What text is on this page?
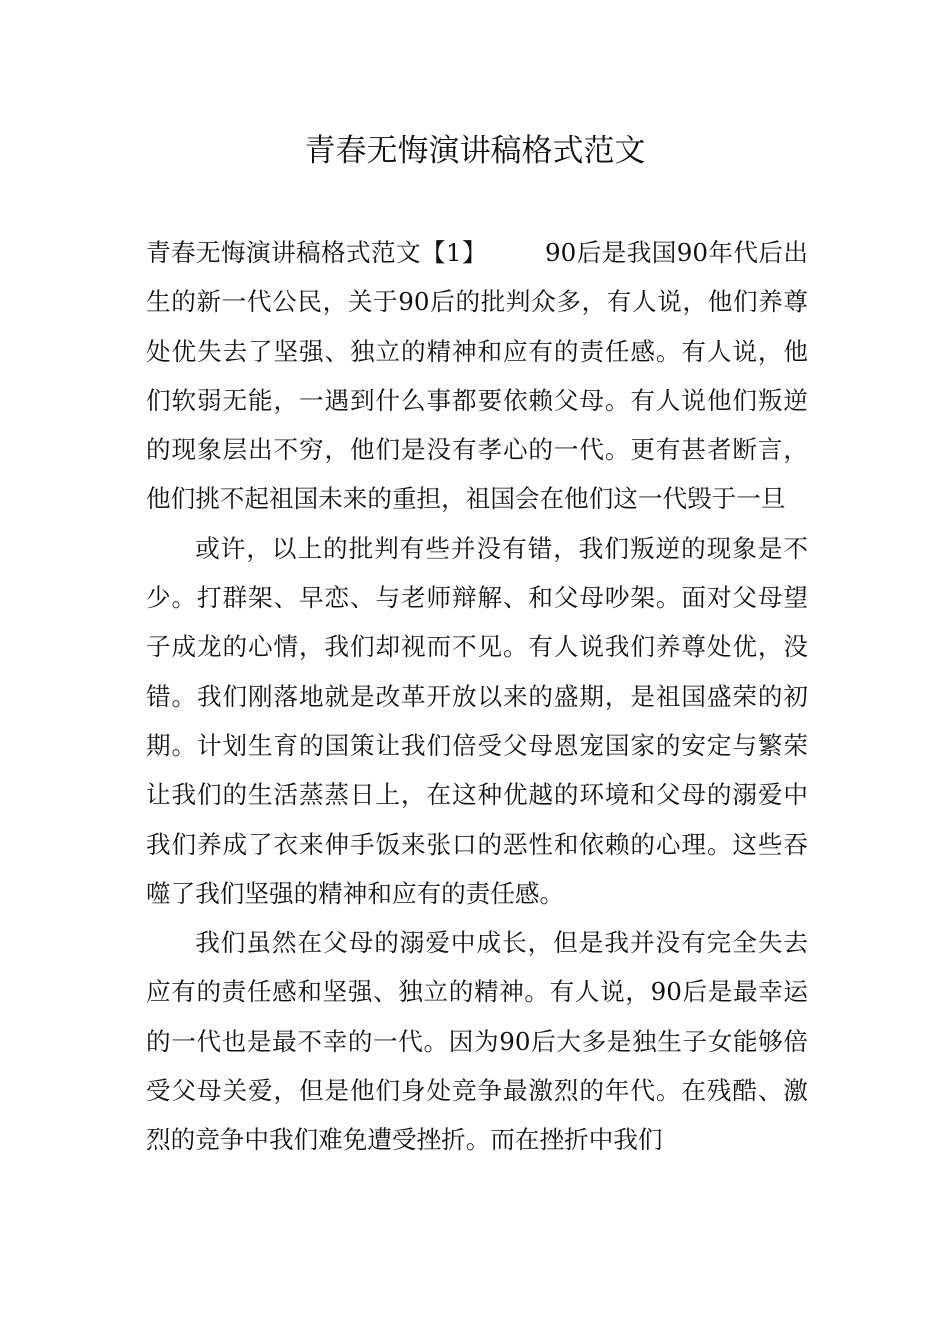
青春无悔演讲稿格式范文

青春无悔演讲稿格式范文【1】 90后是我国90年代后出生的新一代公民，关于90后的批判众多，有人说，他们养尊处优失去了坚强、独立的精神和应有的责任感。有人说，他们软弱无能，一遇到什么事都要依赖父母。有人说他们叛逆的现象层出不穷，他们是没有孝心的一代。更有甚者断言，他们挑不起祖国未来的重担，祖国会在他们这一代毁于一旦

或许，以上的批判有些并没有错，我们叛逆的现象是不少。打群架、早恋、与老师辩解、和父母吵架。面对父母望子成龙的心情，我们却视而不见。有人说我们养尊处优，没错。我们刚落地就是改革开放以来的盛期，是祖国盛荣的初期。计划生育的国策让我们倍受父母恩宠国家的安定与繁荣让我们的生活蒸蒸日上，在这种优越的环境和父母的溺爱中我们养成了衣来伸手饭来张口的恶性和依赖的心理。这些吞噬了我们坚强的精神和应有的责任感。

我们虽然在父母的溺爱中成长，但是我并没有完全失去应有的责任感和坚强、独立的精神。有人说，90后是最幸运的一代也是最不幸的一代。因为90后大多是独生子女能够倍受父母关爱，但是他们身处竞争最激烈的年代。在残酷、激烈的竞争中我们难免遭受挫折。而在挫折中我们
